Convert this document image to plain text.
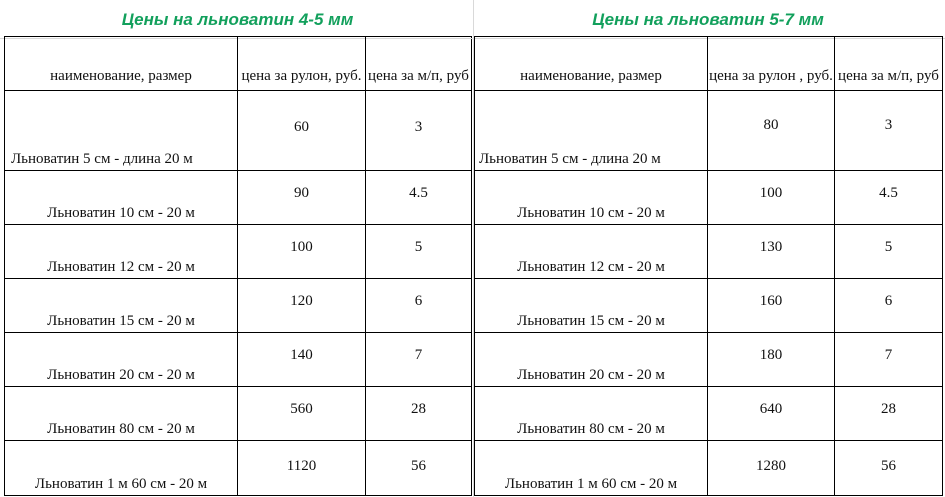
Цены на льноватин 4-5 мм
наименование, размер	цена за рулон, руб.	цена за м/п, руб
Льноватин 5 см - длина 20 м	60	3
Льноватин 10 см - 20 м	90	4.5
Льноватин 12 см - 20 м	100	5
Льноватин 15 см - 20 м	120	6
Льноватин 20 см - 20 м	140	7
Льноватин 80 см - 20 м	560	28
Льноватин 1 м 60 см - 20 м	1120	56
Цены на льноватин 5-7 мм
наименование, размер	цена за рулон , руб.	цена за м/п, руб
Льноватин 5 см - длина 20 м	80	3
Льноватин 10 см - 20 м	100	4.5
Льноватин 12 см - 20 м	130	5
Льноватин 15 см - 20 м	160	6
Льноватин 20 см - 20 м	180	7
Льноватин 80 см - 20 м	640	28
Льноватин 1 м 60 см - 20 м	1280	56
